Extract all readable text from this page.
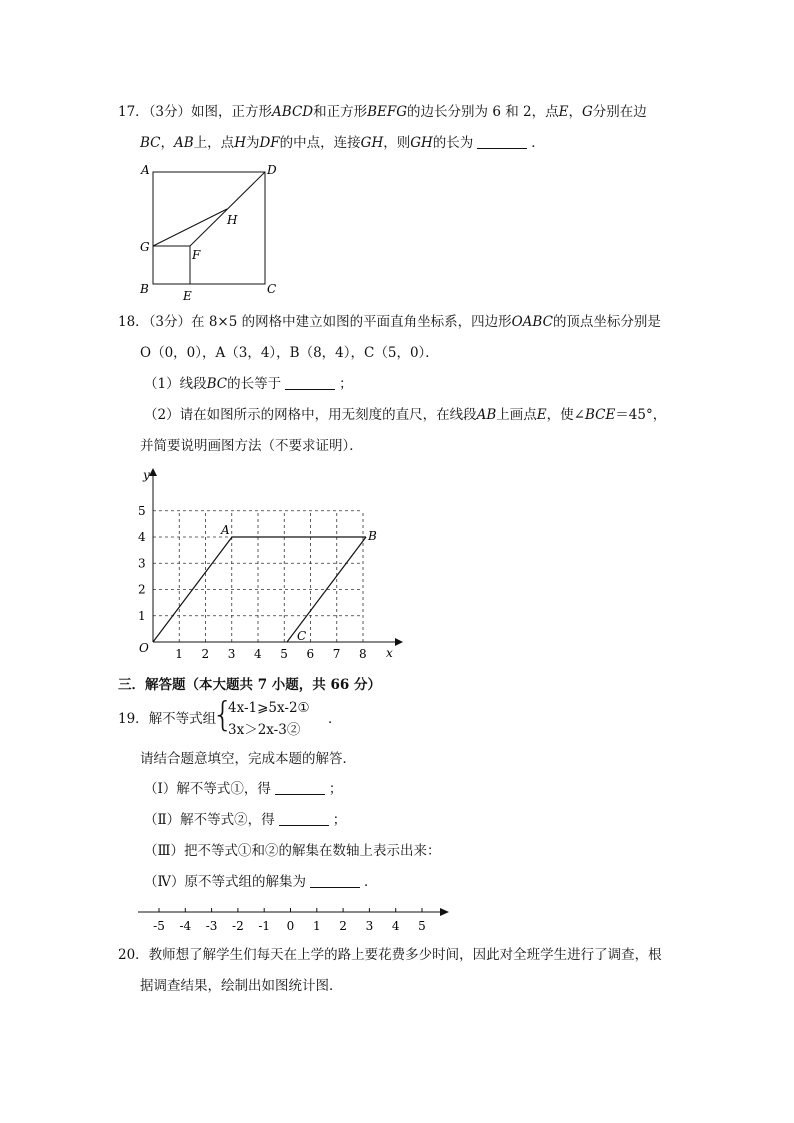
17．（3分）如图，正方形ABCD和正方形BEFG的边长分别为 6 和 2，点E，G分别在边
BC，AB上，点H为DF的中点，连接GH，则GH的长为	．
A	D
H
G
F
B	E	C
18．（3分）在 8×5 的网格中建立如图的平面直角坐标系，四边形OABC的顶点坐标分别是
O（0，0），A（3，4），B（8，4），C（5，0）．
（1）线段BC的长等于	；
（2）请在如图所示的网格中，用无刻度的直尺，在线段AB上画点E，使∠BCE＝45°，
并简要说明画图方法（不要求证明）．
1 2 3 4 5 6 7 8
1
2
3
4
5
y
x
O
A	B
C
三．解答题（本大题共 7 小题，共 66 分）
19．解不等式组
{
4x-1⩾5x-2①
3x＞2x-3②
．
请结合题意填空，完成本题的解答．
（Ⅰ）解不等式①，得	；
（Ⅱ）解不等式②，得	；
（Ⅲ）把不等式①和②的解集在数轴上表示出来：
（Ⅳ）原不等式组的解集为	．
-5 -4 -3 -2 -1 0 1 2 3 4 5
20．教师想了解学生们每天在上学的路上要花费多少时间，因此对全班学生进行了调查，根
据调查结果，绘制出如图统计图．
